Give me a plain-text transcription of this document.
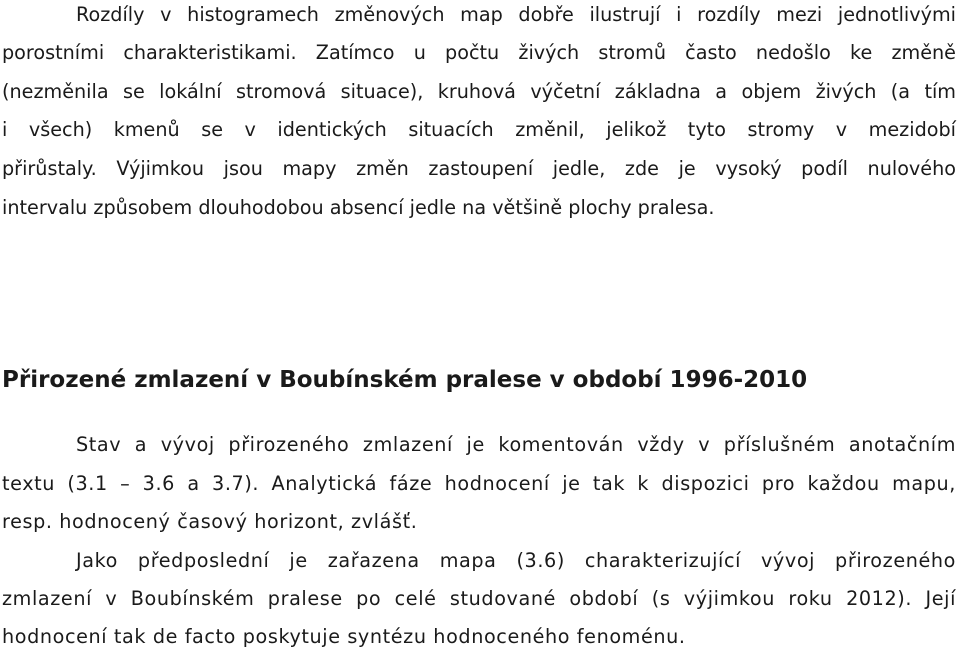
Rozdíly v histogramech změnových map dobře ilustrují i rozdíly mezi jednotlivými

porostními charakteristikami. Zatímco u počtu živých stromů často nedošlo ke změně

(nezměnila se lokální stromová situace), kruhová výčetní základna a objem živých (a tím

i všech) kmenů se v identických situacích změnil, jelikož tyto stromy v mezidobí

přirůstaly. Výjimkou jsou mapy změn zastoupení jedle, zde je vysoký podíl nulového

intervalu způsobem dlouhodobou absencí jedle na většině plochy pralesa.

Přirozené zmlazení v Boubínském pralese v období 1996-2010

Stav a vývoj přirozeného zmlazení je komentován vždy v příslušném anotačním

textu (3.1 – 3.6 a 3.7). Analytická fáze hodnocení je tak k dispozici pro každou mapu,

resp. hodnocený časový horizont, zvlášť.

Jako předposlední je zařazena mapa (3.6) charakterizující vývoj přirozeného

zmlazení v Boubínském pralese po celé studované období (s výjimkou roku 2012). Její

hodnocení tak de facto poskytuje syntézu hodnoceného fenoménu.
